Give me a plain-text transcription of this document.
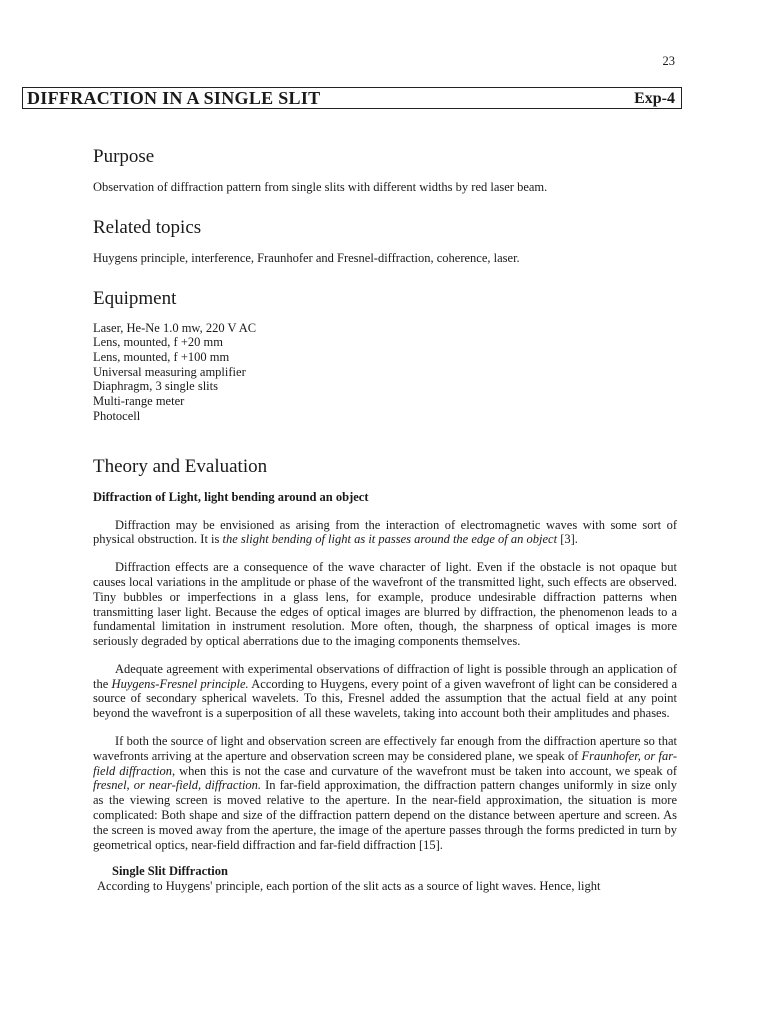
23
DIFFRACTION IN A SINGLE SLIT	Exp-4
Purpose
Observation of diffraction pattern from single slits with different widths by red laser beam.
Related topics
Huygens principle, interference, Fraunhofer and Fresnel-diffraction, coherence, laser.
Equipment
Laser, He-Ne 1.0 mw, 220 V AC
Lens, mounted, f +20 mm
Lens, mounted, f +100 mm
Universal measuring amplifier
Diaphragm, 3 single slits
Multi-range meter
Photocell
Theory and Evaluation
Diffraction of Light, light bending around an object

Diffraction may be envisioned as arising from the interaction of electromagnetic waves with some sort of physical obstruction. It is the slight bending of light as it passes around the edge of an object [3].

Diffraction effects are a consequence of the wave character of light. Even if the obstacle is not opaque but causes local variations in the amplitude or phase of the wavefront of the transmitted light, such effects are observed. Tiny bubbles or imperfections in a glass lens, for example, produce undesirable diffraction patterns when transmitting laser light. Because the edges of optical images are blurred by diffraction, the phenomenon leads to a fundamental limitation in instrument resolution. More often, though, the sharpness of optical images is more seriously degraded by optical aberrations due to the imaging components themselves.

Adequate agreement with experimental observations of diffraction of light is possible through an application of the Huygens-Fresnel principle. According to Huygens, every point of a given wavefront of light can be considered a source of secondary spherical wavelets. To this, Fresnel added the assumption that the actual field at any point beyond the wavefront is a superposition of all these wavelets, taking into account both their amplitudes and phases.

If both the source of light and observation screen are effectively far enough from the diffraction aperture so that wavefronts arriving at the aperture and observation screen may be considered plane, we speak of Fraunhofer, or far-field diffraction, when this is not the case and curvature of the wavefront must be taken into account, we speak of fresnel, or near-field, diffraction. In far-field approximation, the diffraction pattern changes uniformly in size only as the viewing screen is moved relative to the aperture. In the near-field approximation, the situation is more complicated: Both shape and size of the diffraction pattern depend on the distance between aperture and screen. As the screen is moved away from the aperture, the image of the aperture passes through the forms predicted in turn by geometrical optics, near-field diffraction and far-field diffraction [15].

Single Slit Diffraction
According to Huygens' principle, each portion of the slit acts as a source of light waves. Hence, light
